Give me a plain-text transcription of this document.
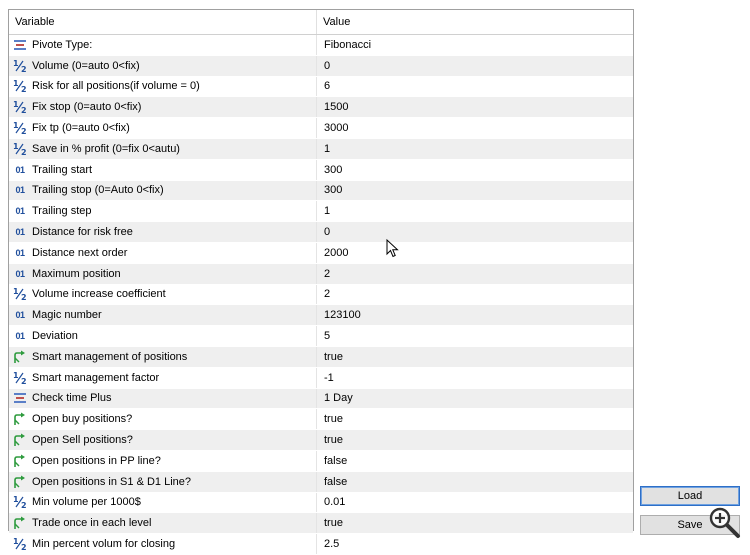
Variable	Value
Pivote Type:	Fibonacci
1
2 Volume (0=auto 0<fix)	0
1
2 Risk for all positions(if volume = 0)	6
1
2 Fix stop (0=auto 0<fix)	1500
1
2 Fix tp (0=auto 0<fix)	3000
1
2 Save in % profit (0=fix 0<autu)	1
01 Trailing start	300
01 Trailing stop (0=Auto 0<fix)	300
01 Trailing step	1
01 Distance for risk free	0
01 Distance next order	2000
01 Maximum position	2
1
2 Volume increase coefficient	2
01 Magic number	123100
01 Deviation	5
Smart management of positions	true
1
2 Smart management factor	-1
Check time Plus	1 Day
Open buy positions?	true
Open Sell positions?	true
Open positions in PP line?	false
Open positions in S1 & D1 Line?	false
1
2 Min volume per 1000$	0.01
Trade once in each level	true
1
2 Min percent volum for closing	2.5
Load
Save
